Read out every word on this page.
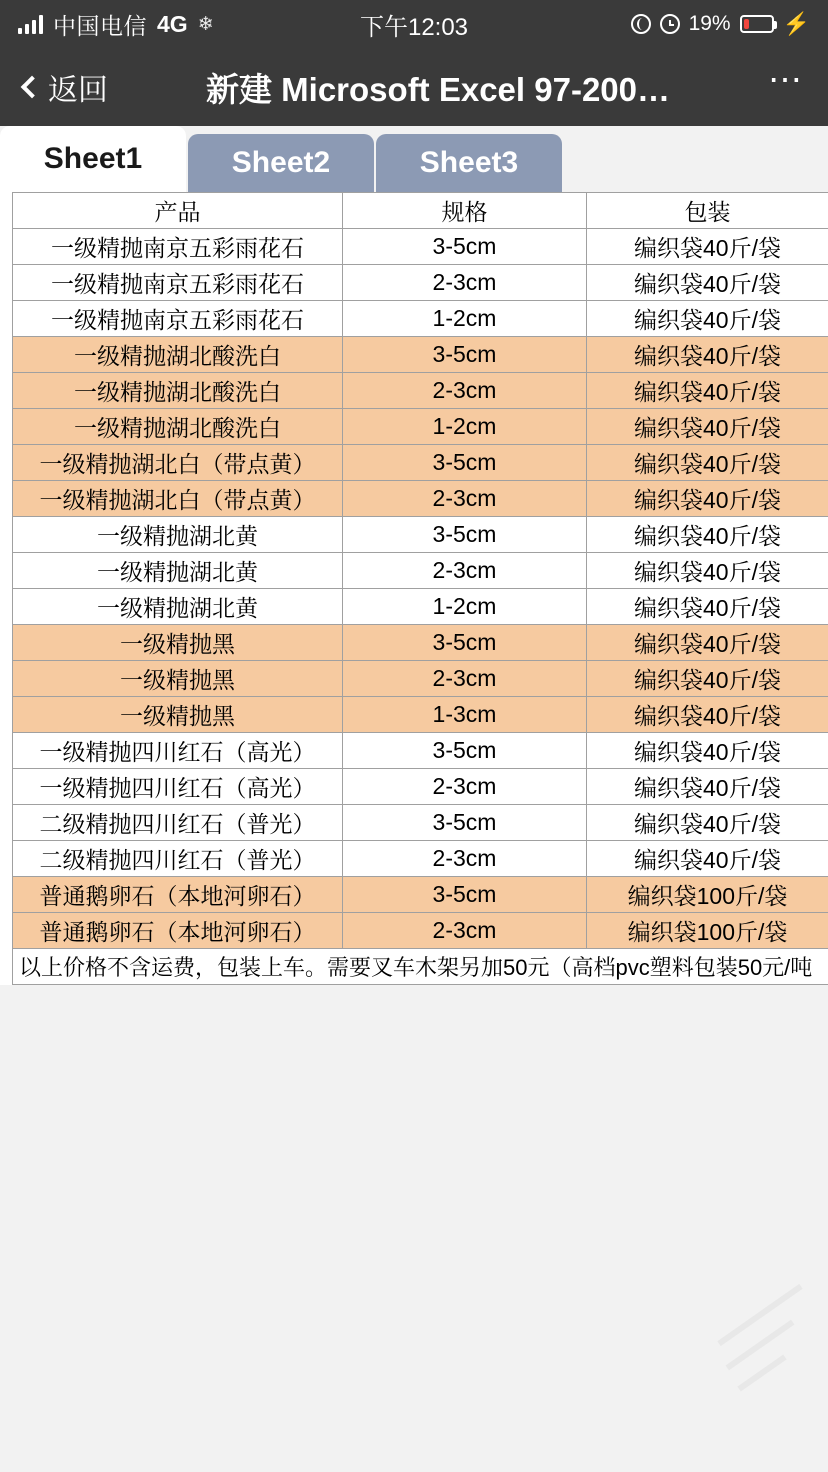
中国电信 4G ❄	下午12:03	19% ⚡
返回	新建 Microsoft Excel 97-200…	⋯
Sheet1	Sheet2	Sheet3
产品	规格	包装
一级精抛南京五彩雨花石	3-5cm	编织袋40斤/袋
一级精抛南京五彩雨花石	2-3cm	编织袋40斤/袋
一级精抛南京五彩雨花石	1-2cm	编织袋40斤/袋
一级精抛湖北酸洗白	3-5cm	编织袋40斤/袋
一级精抛湖北酸洗白	2-3cm	编织袋40斤/袋
一级精抛湖北酸洗白	1-2cm	编织袋40斤/袋
一级精抛湖北白（带点黄）	3-5cm	编织袋40斤/袋
一级精抛湖北白（带点黄）	2-3cm	编织袋40斤/袋
一级精抛湖北黄	3-5cm	编织袋40斤/袋
一级精抛湖北黄	2-3cm	编织袋40斤/袋
一级精抛湖北黄	1-2cm	编织袋40斤/袋
一级精抛黑	3-5cm	编织袋40斤/袋
一级精抛黑	2-3cm	编织袋40斤/袋
一级精抛黑	1-3cm	编织袋40斤/袋
一级精抛四川红石（高光）	3-5cm	编织袋40斤/袋
一级精抛四川红石（高光）	2-3cm	编织袋40斤/袋
二级精抛四川红石（普光）	3-5cm	编织袋40斤/袋
二级精抛四川红石（普光）	2-3cm	编织袋40斤/袋
普通鹅卵石（本地河卵石）	3-5cm	编织袋100斤/袋
普通鹅卵石（本地河卵石）	2-3cm	编织袋100斤/袋
以上价格不含运费，包装上车。需要叉车木架另加50元（高档pvc塑料包装50元/吨		
